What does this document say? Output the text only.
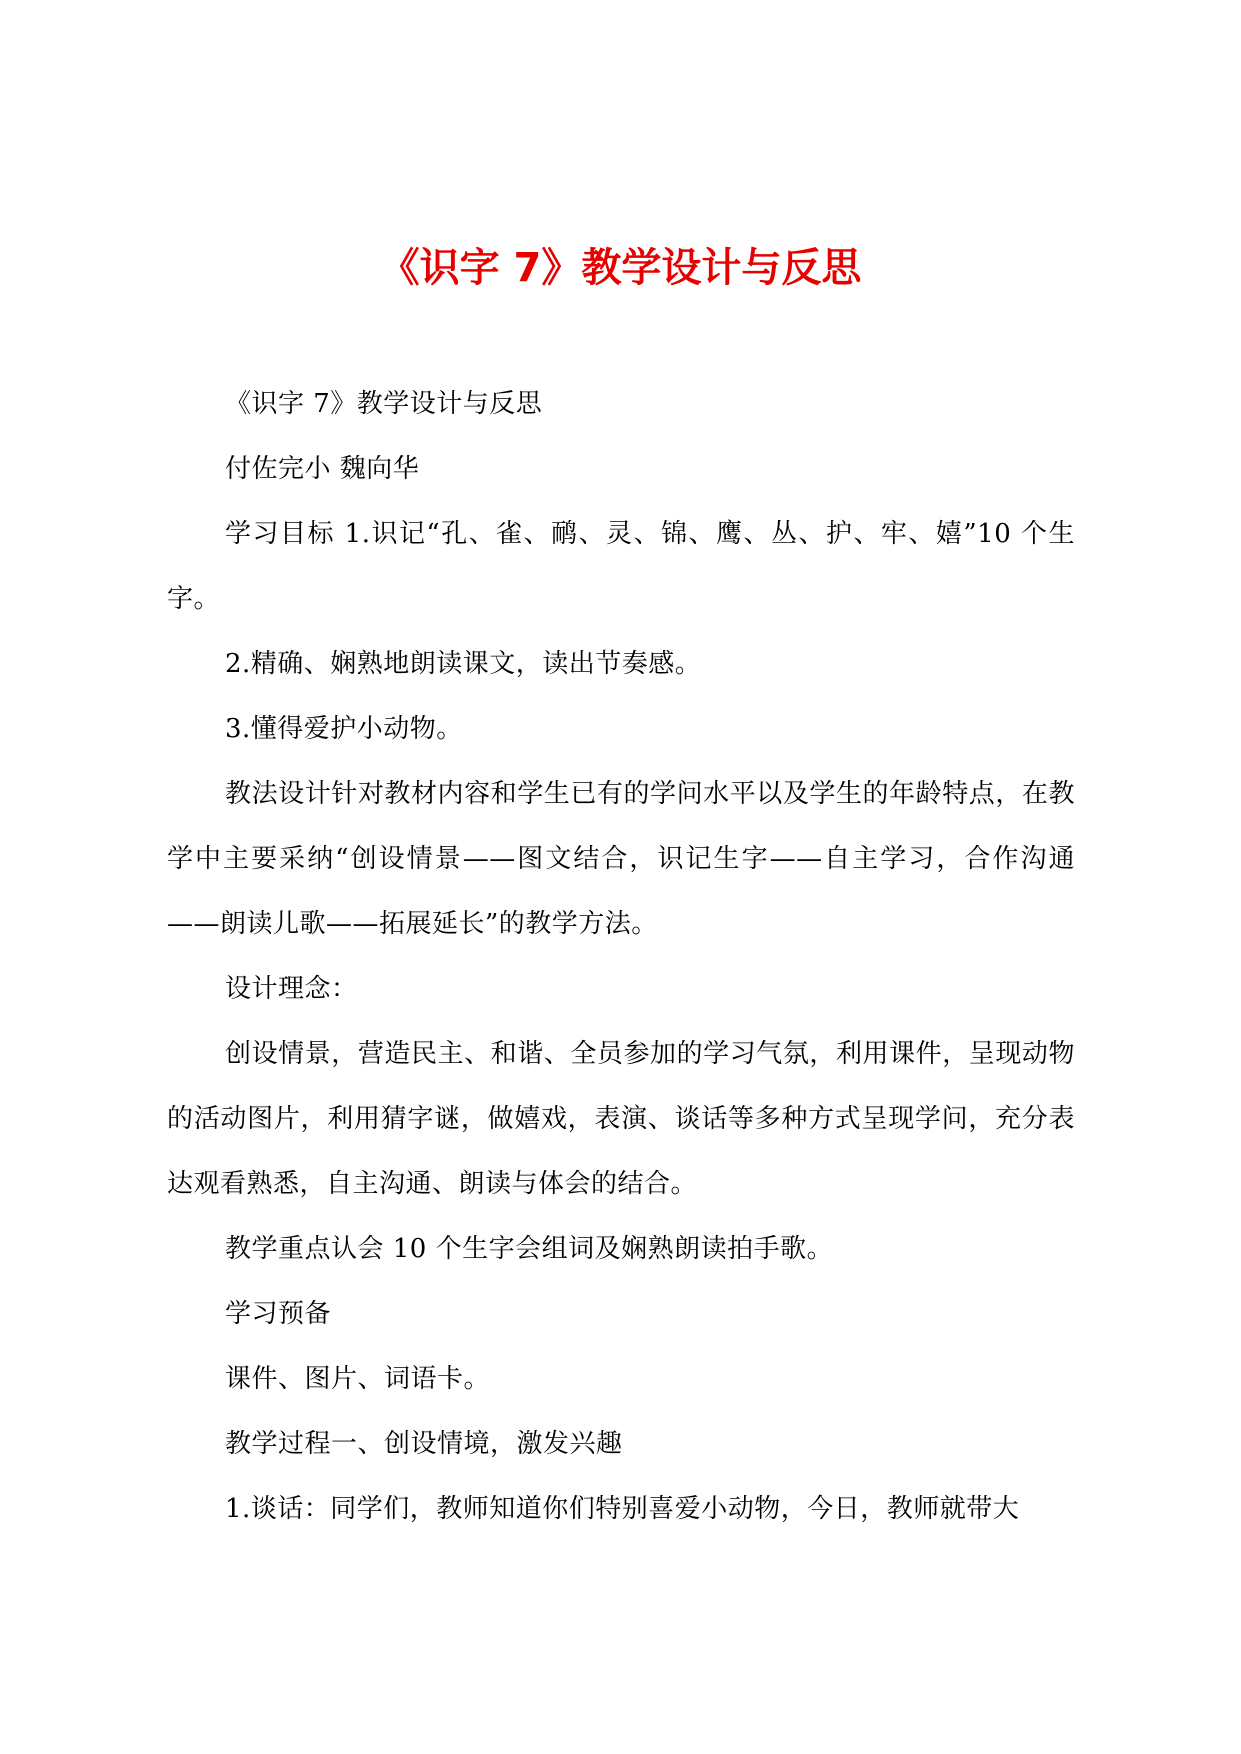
《识字 7》教学设计与反思

《识字 7》教学设计与反思

付佐完小 魏向华

学习目标 1.识记“孔、雀、鸸、灵、锦、鹰、丛、护、牢、嬉”10 个生字。

2.精确、娴熟地朗读课文，读出节奏感。

3.懂得爱护小动物。

教法设计针对教材内容和学生已有的学问水平以及学生的年龄特点，在教学中主要采纳“创设情景——图文结合，识记生字——自主学习，合作沟通——朗读儿歌——拓展延长”的教学方法。

设计理念：

创设情景，营造民主、和谐、全员参加的学习气氛，利用课件，呈现动物的活动图片，利用猜字谜，做嬉戏，表演、谈话等多种方式呈现学问，充分表达观看熟悉，自主沟通、朗读与体会的结合。

教学重点认会 10 个生字会组词及娴熟朗读拍手歌。

学习预备

课件、图片、词语卡。

教学过程一、创设情境，激发兴趣

1.谈话：同学们，教师知道你们特别喜爱小动物，今日，教师就带大
